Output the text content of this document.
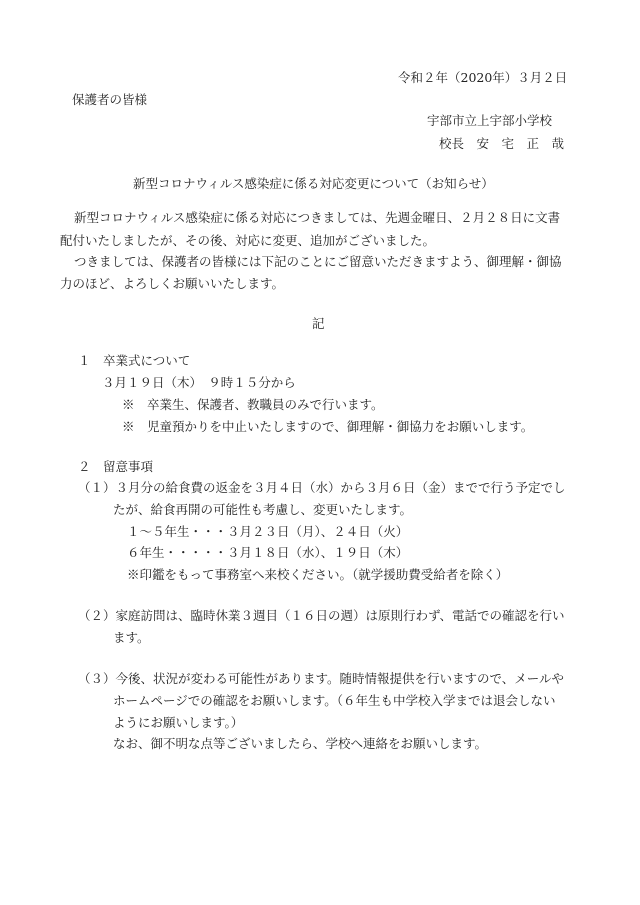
令和２年（2020年）３月２日
保護者の皆様
宇部市立上宇部小学校
校長　安　宅　正　哉
新型コロナウィルス感染症に係る対応変更について（お知らせ）
新型コロナウィルス感染症に係る対応につきましては、先週金曜日、２月２８日に文書
配付いたしましたが、その後、対応に変更、追加がございました。
つきましては、保護者の皆様には下記のことにご留意いただきますよう、御理解・御協
力のほど、よろしくお願いいたします。
記
１　卒業式について
３月１９日（木）　９時１５分から
※　卒業生、保護者、教職員のみで行います。
※　児童預かりを中止いたしますので、御理解・御協力をお願いします。
２　留意事項
（１）３月分の給食費の返金を３月４日（水）から３月６日（金）までで行う予定でし
たが、給食再開の可能性も考慮し、変更いたします。
１～５年生・・・３月２３日（月）、２４日（火）
６年生・・・・・３月１８日（水）、１９日（木）
※印鑑をもって事務室へ来校ください。（就学援助費受給者を除く）
（２）家庭訪問は、臨時休業３週目（１６日の週）は原則行わず、電話での確認を行い
ます。
（３）今後、状況が変わる可能性があります。随時情報提供を行いますので、メールや
ホームページでの確認をお願いします。（６年生も中学校入学までは退会しない
ようにお願いします。）
なお、御不明な点等ございましたら、学校へ連絡をお願いします。
